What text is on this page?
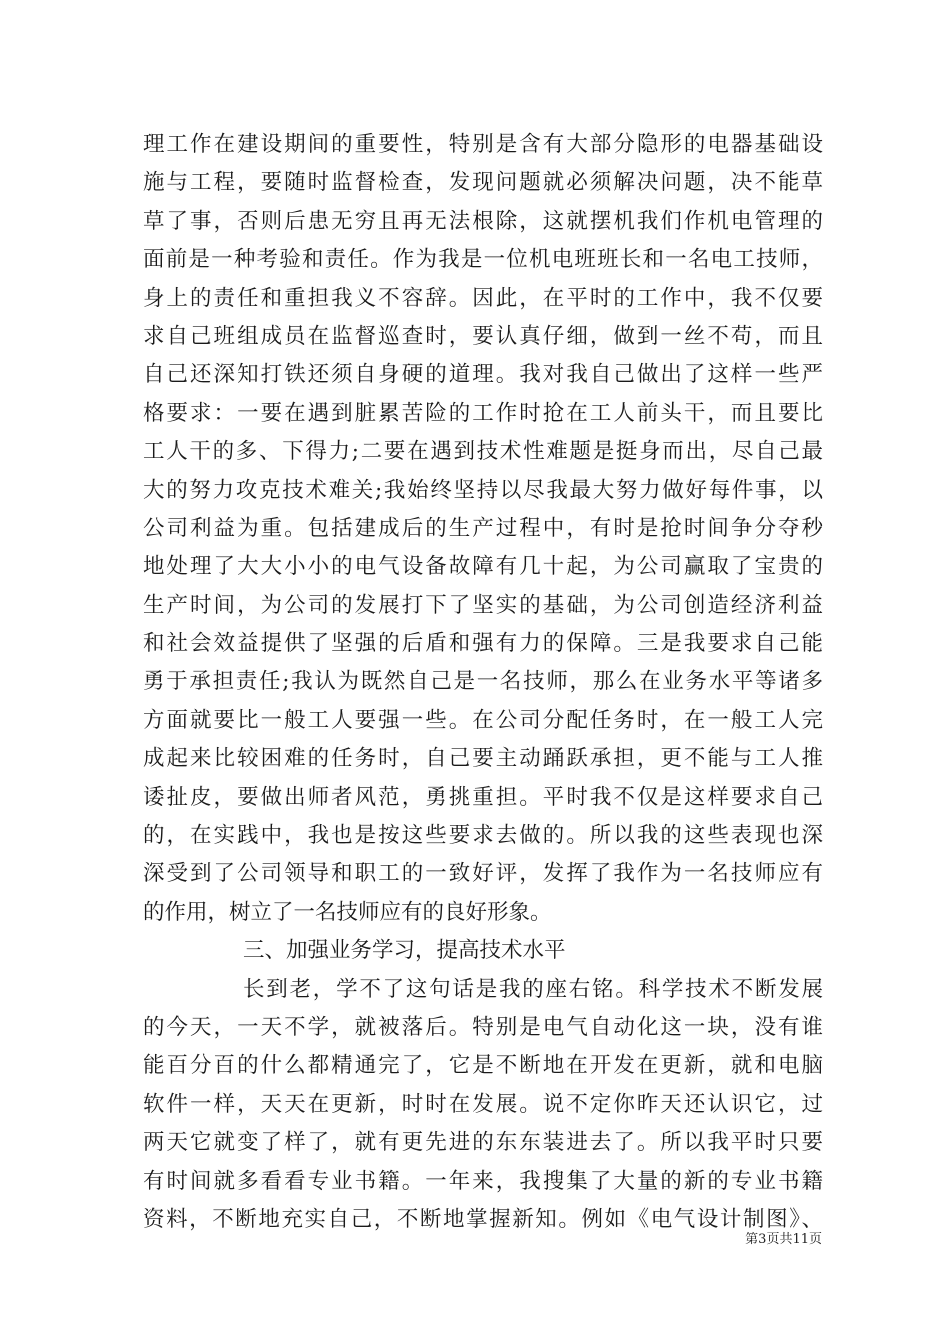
理工作在建设期间的重要性，特别是含有大部分隐形的电器基础设
施与工程，要随时监督检查，发现问题就必须解决问题，决不能草
草了事，否则后患无穷且再无法根除，这就摆机我们作机电管理的
面前是一种考验和责任。作为我是一位机电班班长和一名电工技师，
身上的责任和重担我义不容辞。因此，在平时的工作中，我不仅要
求自己班组成员在监督巡查时，要认真仔细，做到一丝不苟，而且
自己还深知打铁还须自身硬的道理。我对我自己做出了这样一些严
格要求：一要在遇到脏累苦险的工作时抢在工人前头干，而且要比
工人干的多、下得力;二要在遇到技术性难题是挺身而出，尽自己最
大的努力攻克技术难关;我始终坚持以尽我最大努力做好每件事，以
公司利益为重。包括建成后的生产过程中，有时是抢时间争分夺秒
地处理了大大小小的电气设备故障有几十起，为公司赢取了宝贵的
生产时间，为公司的发展打下了坚实的基础，为公司创造经济利益
和社会效益提供了坚强的后盾和强有力的保障。三是我要求自己能
勇于承担责任;我认为既然自己是一名技师，那么在业务水平等诸多
方面就要比一般工人要强一些。在公司分配任务时，在一般工人完
成起来比较困难的任务时，自己要主动踊跃承担，更不能与工人推
诿扯皮，要做出师者风范，勇挑重担。平时我不仅是这样要求自己
的，在实践中，我也是按这些要求去做的。所以我的这些表现也深
深受到了公司领导和职工的一致好评，发挥了我作为一名技师应有
的作用，树立了一名技师应有的良好形象。
三、加强业务学习，提高技术水平
长到老，学不了这句话是我的座右铭。科学技术不断发展
的今天，一天不学，就被落后。特别是电气自动化这一块，没有谁
能百分百的什么都精通完了，它是不断地在开发在更新，就和电脑
软件一样，天天在更新，时时在发展。说不定你昨天还认识它，过
两天它就变了样了，就有更先进的东东装进去了。所以我平时只要
有时间就多看看专业书籍。一年来，我搜集了大量的新的专业书籍
资料，不断地充实自己，不断地掌握新知。例如《电气设计制图》、
第3页共11页
